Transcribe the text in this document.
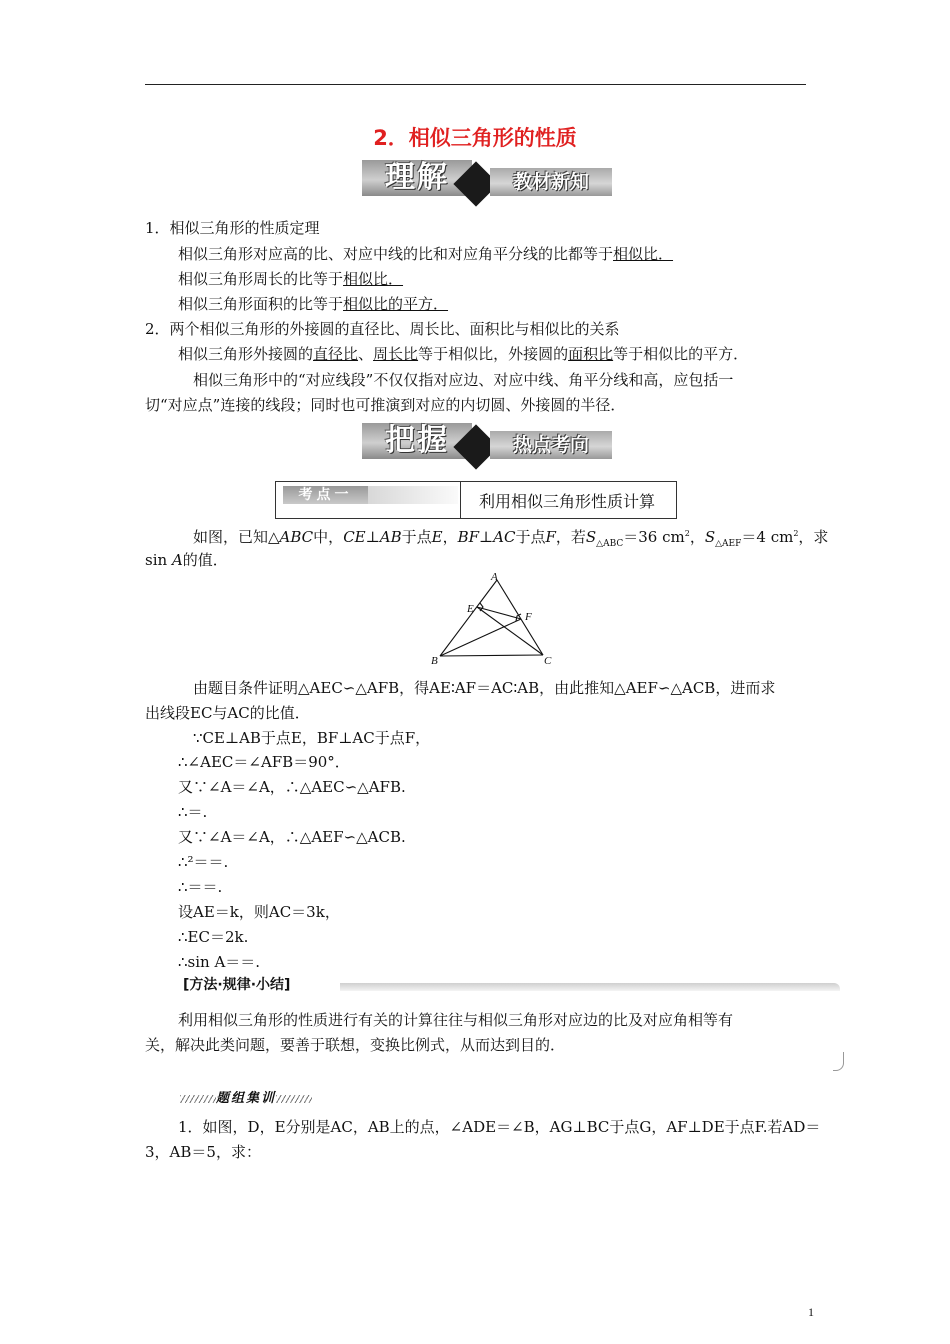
2．相似三角形的性质
理解	教材新知
1．相似三角形的性质定理
相似三角形对应高的比、对应中线的比和对应角平分线的比都等于相似比．
相似三角形周长的比等于相似比．
相似三角形面积的比等于相似比的平方．
2．两个相似三角形的外接圆的直径比、周长比、面积比与相似比的关系
相似三角形外接圆的直径比、周长比等于相似比，外接圆的面积比等于相似比的平方．
相似三角形中的“对应线段”不仅仅指对应边、对应中线、角平分线和高，应包括一
切“对应点”连接的线段；同时也可推演到对应的内切圆、外接圆的半径．
把握	热点考向
考点一	利用相似三角形性质计算
如图，已知△ABC中，CE⊥AB于点E，BF⊥AC于点F，若$S_{\triangle ABC}=36$ $cm^2$，$S_{\triangle AEF}=4$ $cm^2$，求
sin A的值．
A
B	C
E
F
由题目条件证明△AEC∽△AFB，得AE∶AF＝AC∶AB，由此推知△AEF∽△ACB，进而求
出线段EC与AC的比值．
∵CE⊥AB于点E，BF⊥AC于点F，
∴∠AEC＝∠AFB＝90°．
又∵∠A＝∠A，∴△AEC∽△AFB.
∴＝.
又∵∠A＝∠A，∴△AEF∽△ACB.
∴²＝＝.
∴＝＝.
设AE＝k，则AC＝3k，
∴EC＝2k.
∴sin A＝＝.
[方法·规律·小结]
利用相似三角形的性质进行有关的计算往往与相似三角形对应边的比及对应角相等有
关，解决此类问题，要善于联想，变换比例式，从而达到目的．
题组集训
1．如图，D，E分别是AC，AB上的点，∠ADE＝∠B，AG⊥BC于点G，AF⊥DE于点F.若AD＝
3，AB＝5，求：
1
